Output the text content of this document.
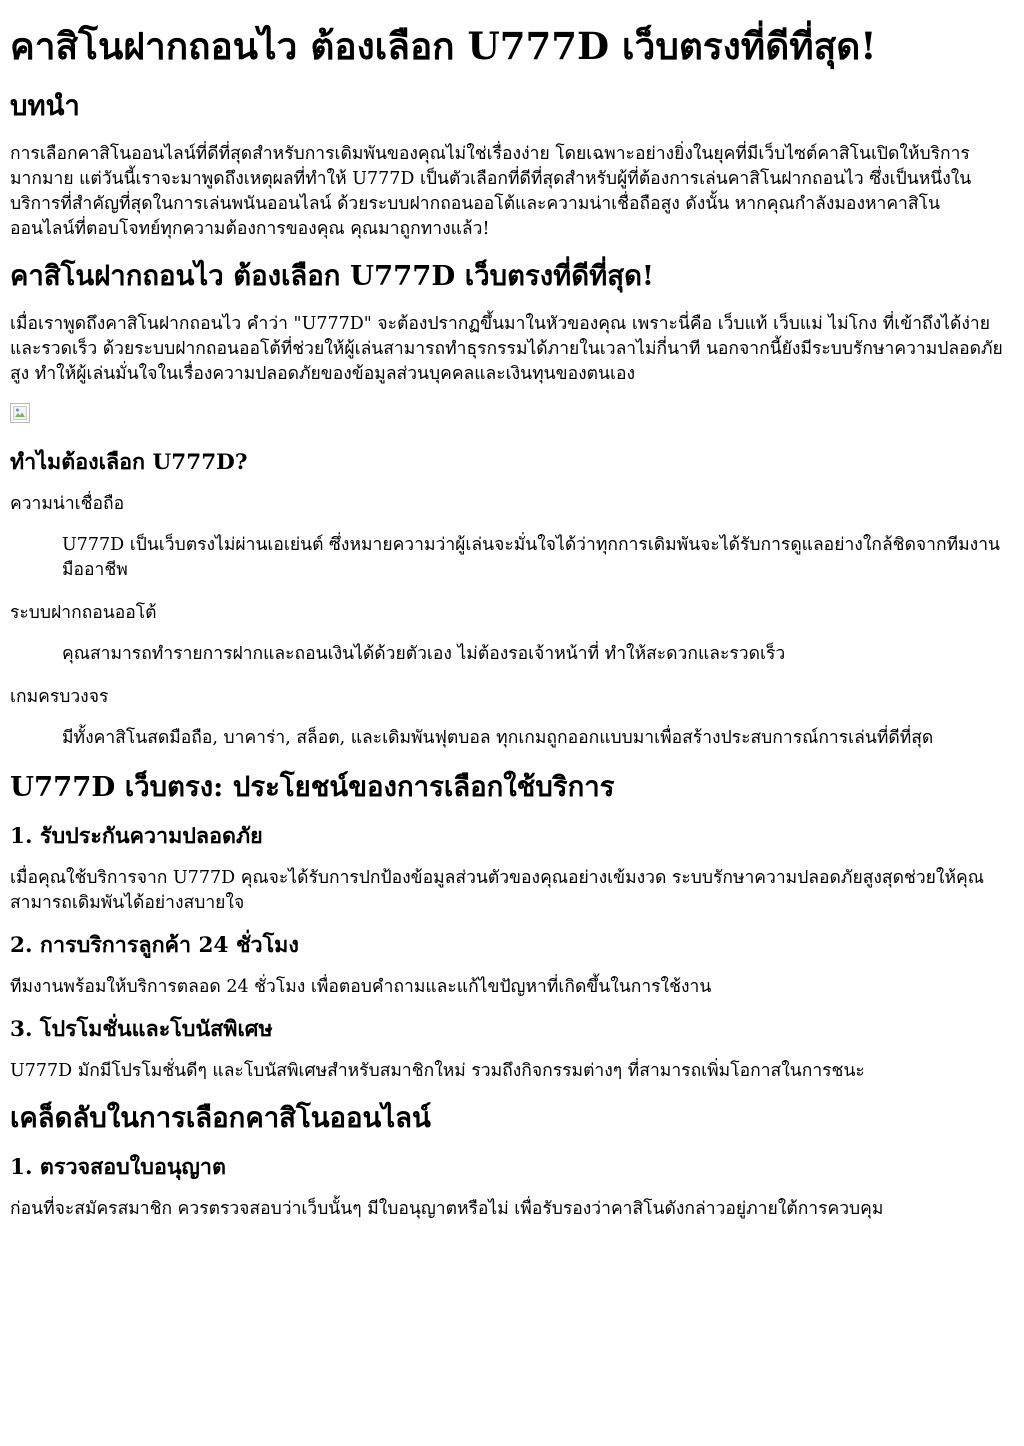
คาสิโนฝากถอนไว ต้องเลือก U777D เว็บตรงที่ดีที่สุด!
บทนำ

การเลือกคาสิโนออนไลน์ที่ดีที่สุดสำหรับการเดิมพันของคุณไม่ใช่เรื่องง่าย โดยเฉพาะอย่างยิ่งในยุคที่มีเว็บไซต์คาสิโนเปิดให้บริการมากมาย แต่วันนี้เราจะมาพูดถึงเหตุผลที่ทำให้ U777D เป็นตัวเลือกที่ดีที่สุดสำหรับผู้ที่ต้องการเล่นคาสิโนฝากถอนไว ซึ่งเป็นหนึ่งในบริการที่สำคัญที่สุดในการเล่นพนันออนไลน์ ด้วยระบบฝากถอนออโต้และความน่าเชื่อถือสูง ดังนั้น หากคุณกำลังมองหาคาสิโนออนไลน์ที่ตอบโจทย์ทุกความต้องการของคุณ คุณมาถูกทางแล้ว!

คาสิโนฝากถอนไว ต้องเลือก U777D เว็บตรงที่ดีที่สุด!

เมื่อเราพูดถึงคาสิโนฝากถอนไว คำว่า "U777D" จะต้องปรากฏขึ้นมาในหัวของคุณ เพราะนี่คือ เว็บแท้ เว็บแม่ ไม่โกง ที่เข้าถึงได้ง่ายและรวดเร็ว ด้วยระบบฝากถอนออโต้ที่ช่วยให้ผู้เล่นสามารถทำธุรกรรมได้ภายในเวลาไม่กี่นาที นอกจากนี้ยังมีระบบรักษาความปลอดภัยสูง ทำให้ผู้เล่นมั่นใจในเรื่องความปลอดภัยของข้อมูลส่วนบุคคลและเงินทุนของตนเอง

ทำไมต้องเลือก U777D?
ความน่าเชื่อถือ
U777D เป็นเว็บตรงไม่ผ่านเอเย่นต์ ซึ่งหมายความว่าผู้เล่นจะมั่นใจได้ว่าทุกการเดิมพันจะได้รับการดูแลอย่างใกล้ชิดจากทีมงานมืออาชีพ
ระบบฝากถอนออโต้
คุณสามารถทำรายการฝากและถอนเงินได้ด้วยตัวเอง ไม่ต้องรอเจ้าหน้าที่ ทำให้สะดวกและรวดเร็ว
เกมครบวงจร
มีทั้งคาสิโนสดมือถือ, บาคาร่า, สล็อต, และเดิมพันฟุตบอล ทุกเกมถูกออกแบบมาเพื่อสร้างประสบการณ์การเล่นที่ดีที่สุด
U777D เว็บตรง: ประโยชน์ของการเลือกใช้บริการ
1. รับประกันความปลอดภัย

เมื่อคุณใช้บริการจาก U777D คุณจะได้รับการปกป้องข้อมูลส่วนตัวของคุณอย่างเข้มงวด ระบบรักษาความปลอดภัยสูงสุดช่วยให้คุณสามารถเดิมพันได้อย่างสบายใจ

2. การบริการลูกค้า 24 ชั่วโมง

ทีมงานพร้อมให้บริการตลอด 24 ชั่วโมง เพื่อตอบคำถามและแก้ไขปัญหาที่เกิดขึ้นในการใช้งาน

3. โปรโมชั่นและโบนัสพิเศษ

U777D มักมีโปรโมชั่นดีๆ และโบนัสพิเศษสำหรับสมาชิกใหม่ รวมถึงกิจกรรมต่างๆ ที่สามารถเพิ่มโอกาสในการชนะ

เคล็ดลับในการเลือกคาสิโนออนไลน์
1. ตรวจสอบใบอนุญาต

ก่อนที่จะสมัครสมาชิก ควรตรวจสอบว่าเว็บนั้นๆ มีใบอนุญาตหรือไม่ เพื่อรับรองว่าคาสิโนดังกล่าวอยู่ภายใต้การควบคุม
